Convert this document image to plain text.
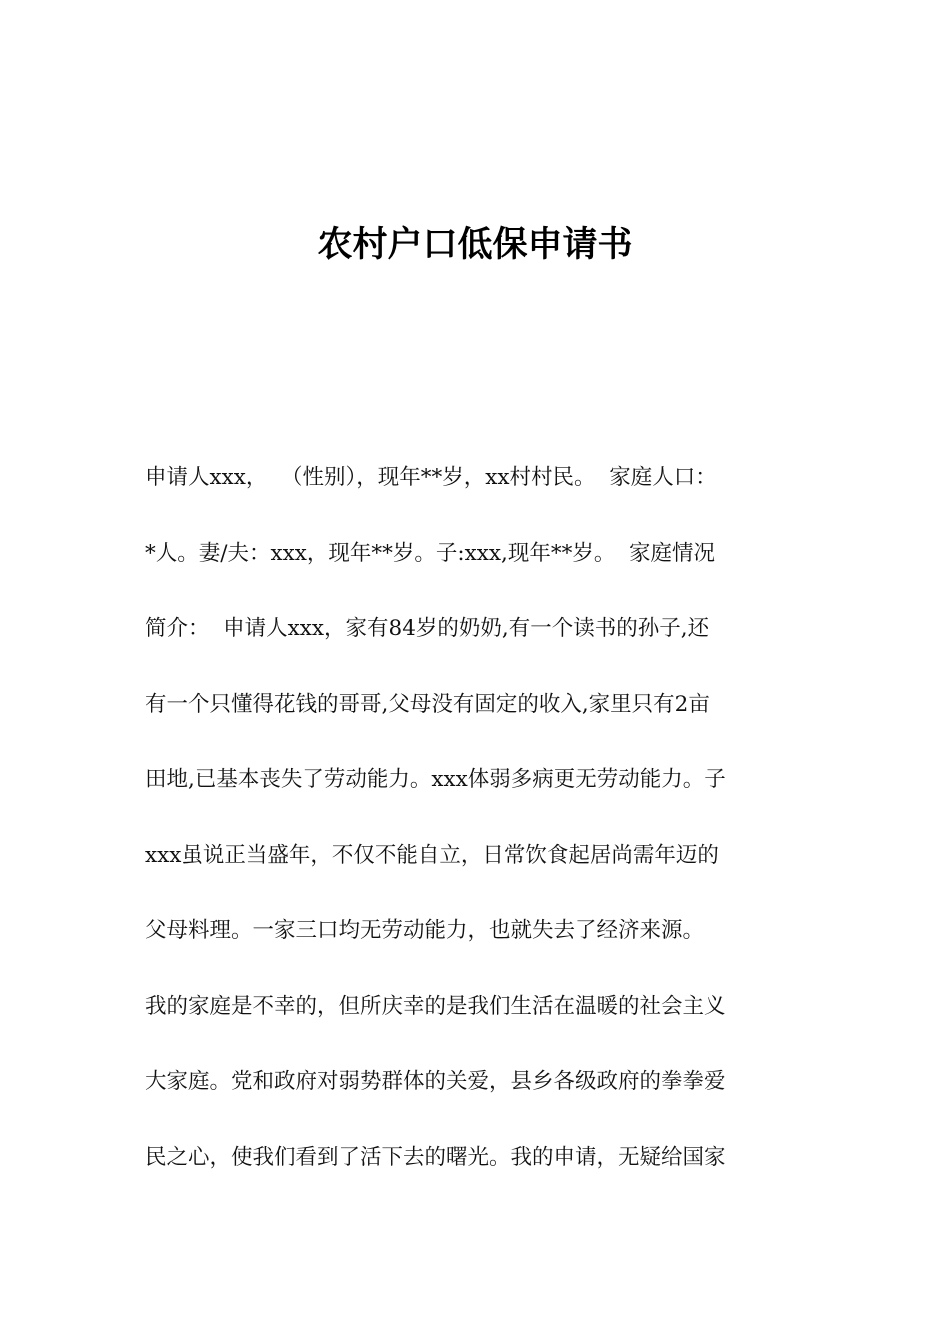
农村户口低保申请书
申请人xxx，  （性别），现年**岁，xx村村民。  家庭人口：
*人。妻/夫：xxx，现年**岁。子:xxx,现年**岁。  家庭情况
简介：  申请人xxx，家有84岁的奶奶,有一个读书的孙子,还
有一个只懂得花钱的哥哥,父母没有固定的收入,家里只有2亩
田地,已基本丧失了劳动能力。xxx体弱多病更无劳动能力。子
xxx虽说正当盛年，不仅不能自立，日常饮食起居尚需年迈的
父母料理。一家三口均无劳动能力，也就失去了经济来源。
我的家庭是不幸的，但所庆幸的是我们生活在温暖的社会主义
大家庭。党和政府对弱势群体的关爱，县乡各级政府的拳拳爱
民之心，使我们看到了活下去的曙光。我的申请，无疑给国家
